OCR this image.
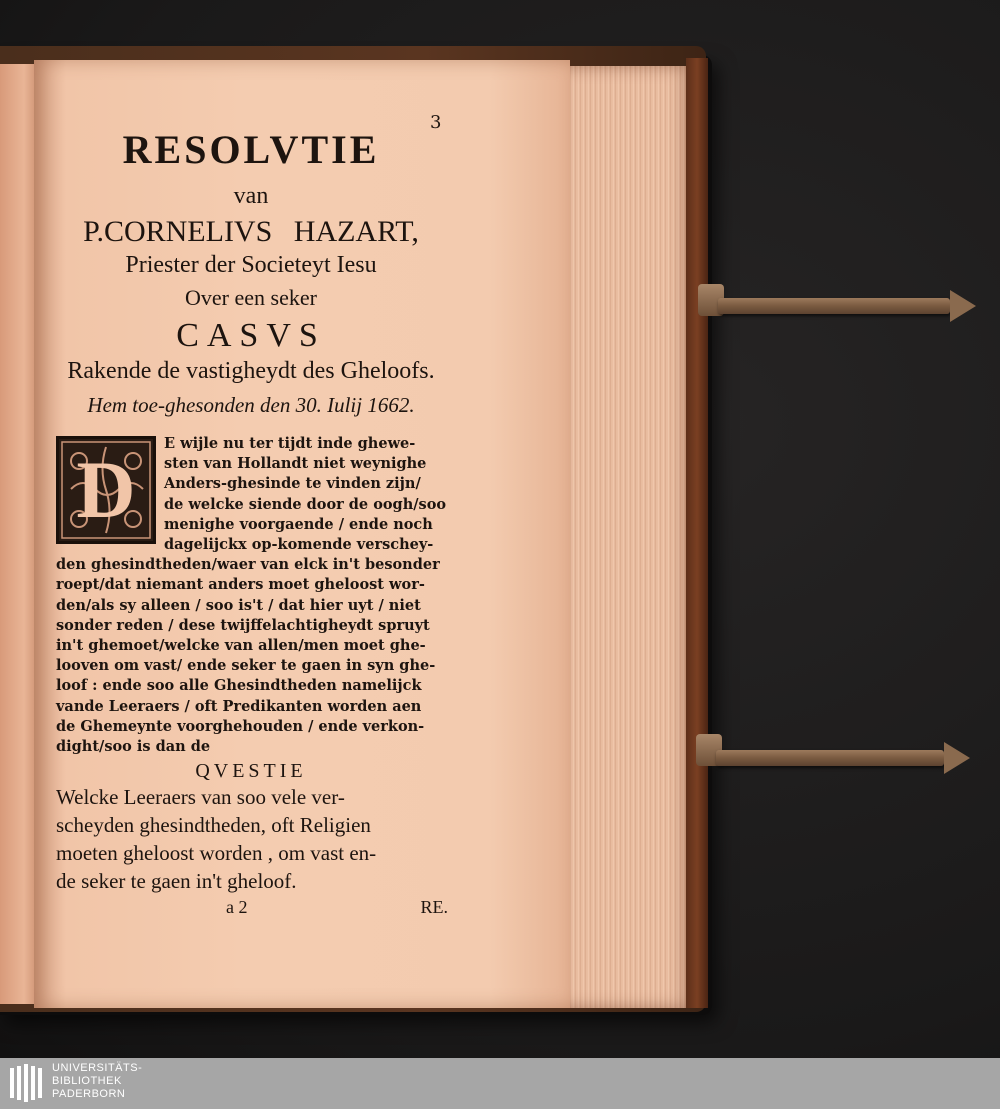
3
RESOLVTIE
van
P.CORNELIVS HAZART,
Priester der Societeyt Iesu
Over een seker
CASVS
Rakende de vastigheydt des Gheloofs.
Hem toe-ghesonden den 30. Iulij 1662.
D
E wijle nu ter tijdt inde ghewe-
sten van Hollandt niet weynighe
Anders-ghesinde te vinden zijn/
de welcke siende door de oogh/soo
menighe voorgaende / ende noch
dagelijckx op-komende verschey-
den ghesindtheden/waer van elck in't besonder
roept/dat niemant anders moet gheloost wor-
den/als sy alleen / soo is't / dat hier uyt / niet
sonder reden / dese twijffelachtigheydt spruyt
in't ghemoet/welcke van allen/men moet ghe-
looven om vast/ ende seker te gaen in syn ghe-
loof : ende soo alle Ghesindtheden namelijck
vande Leeraers / oft Predikanten worden aen
de Ghemeynte voorghehouden / ende verkon-
dight/soo is dan de
QVESTIE
Welcke Leeraers van soo vele ver-
scheyden ghesindtheden, oft Religien
moeten gheloost worden , om vast en-
de seker te gaen in't gheloof.
a 2	RE.
UNIVERSITÄTS-
BIBLIOTHEK
PADERBORN
